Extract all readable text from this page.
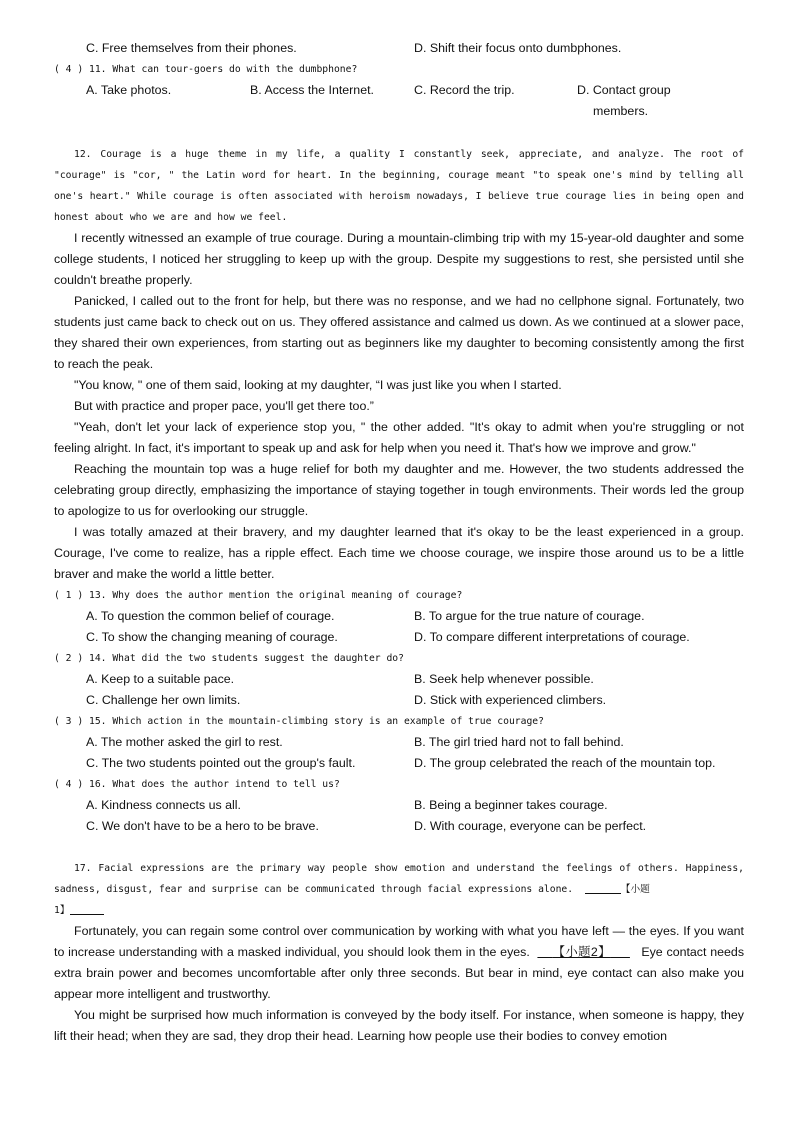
C. Free themselves from their phones.	D. Shift their focus onto dumbphones.
( 4 ) 11. What can tour-goers do with the dumbphone?
A. Take photos.	B. Access the Internet.	C. Record the trip.	D. Contact group
members.

12. Courage is a huge theme in my life, a quality I constantly seek, appreciate, and analyze. The root of "courage" is "cor, " the Latin word for heart. In the beginning, courage meant "to speak one's mind by telling all one's heart." While courage is often associated with heroism nowadays, I believe true courage lies in being open and honest about who we are and how we feel.

I recently witnessed an example of true courage. During a mountain-climbing trip with my 15-year-old daughter and some college students, I noticed her struggling to keep up with the group. Despite my suggestions to rest, she persisted until she couldn't breathe properly.

Panicked, I called out to the front for help, but there was no response, and we had no cellphone signal. Fortunately, two students just came back to check out on us. They offered assistance and calmed us down. As we continued at a slower pace, they shared their own experiences, from starting out as beginners like my daughter to becoming consistently among the first to reach the peak.

"You know, " one of them said, looking at my daughter, “I was just like you when I started.

But with practice and proper pace, you'll get there too.”

"Yeah, don't let your lack of experience stop you, " the other added. "It's okay to admit when you're struggling or not feeling alright. In fact, it's important to speak up and ask for help when you need it. That's how we improve and grow."

Reaching the mountain top was a huge relief for both my daughter and me. However, the two students addressed the celebrating group directly, emphasizing the importance of staying together in tough environments. Their words led the group to apologize to us for overlooking our struggle.

I was totally amazed at their bravery, and my daughter learned that it's okay to be the least experienced in a group. Courage, I've come to realize, has a ripple effect. Each time we choose courage, we inspire those around us to be a little braver and make the world a little better.

( 1 ) 13. Why does the author mention the original meaning of courage?
A. To question the common belief of courage.	B. To argue for the true nature of courage.
C. To show the changing meaning of courage.	D. To compare different interpretations of courage.
( 2 ) 14. What did the two students suggest the daughter do?
A. Keep to a suitable pace.	B. Seek help whenever possible.
C. Challenge her own limits.	D. Stick with experienced climbers.
( 3 ) 15. Which action in the mountain-climbing story is an example of true courage?
A. The mother asked the girl to rest.	B. The girl tried hard not to fall behind.
C. The two students pointed out the group's fault.	D. The group celebrated the reach of the mountain top.
( 4 ) 16. What does the author intend to tell us?
A. Kindness connects us all.	B. Being a beginner takes courage.
C. We don't have to be a hero to be brave.	D. With courage, everyone can be perfect.

17. Facial expressions are the primary way people show emotion and understand the feelings of others. Happiness, sadness, disgust, fear and surprise can be communicated through facial expressions alone.	【小题
1】

Fortunately, you can regain some control over communication by working with what you have left — the eyes. If you want to increase understanding with a masked individual, you should look them in the eyes. 【小题2】 Eye contact needs extra brain power and becomes uncomfortable after only three seconds. But bear in mind, eye contact can also make you appear more intelligent and trustworthy.

You might be surprised how much information is conveyed by the body itself. For instance, when someone is happy, they lift their head; when they are sad, they drop their head. Learning how people use their bodies to convey emotion
